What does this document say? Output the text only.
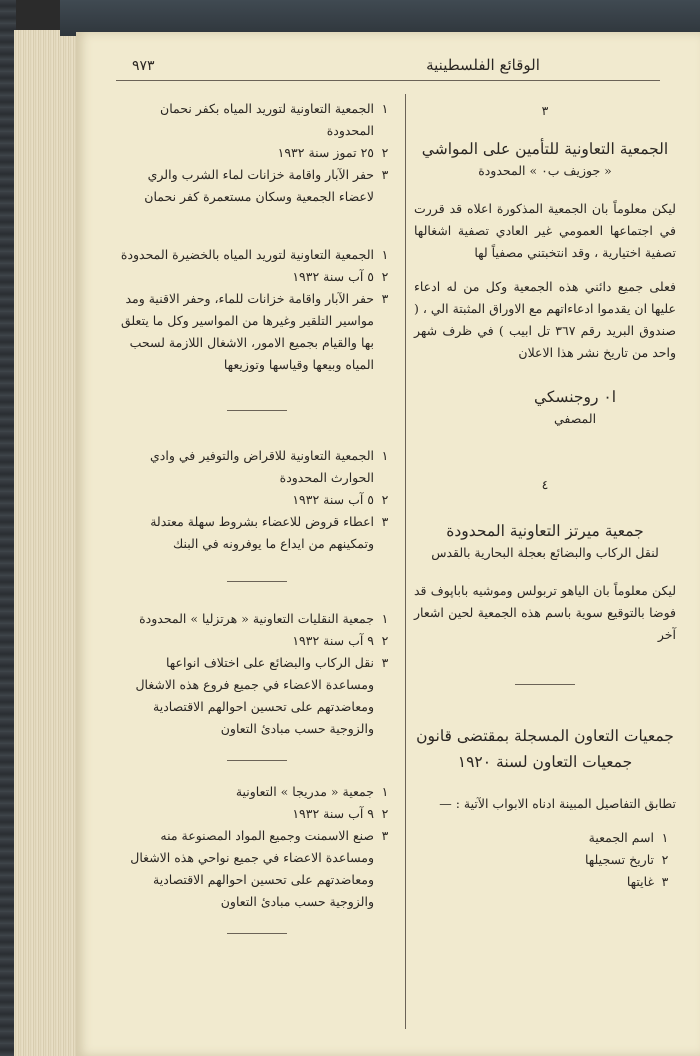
٩٧٣	الوقائع الفلسطينية
٣
الجمعية التعاونية للتأمين على المواشي
« جوزيف ب٠ » المحدودة
ليكن معلوماً بان الجمعية المذكورة اعلاه قد قررت في اجتماعها العمومي غير العادي تصفية اشغالها تصفية اختيارية ، وقد انتخبتني مصفياً لها
فعلى جميع دائني هذه الجمعية وكل من له ادعاء عليها ان يقدموا ادعاءاتهم مع الاوراق المثبتة الي ، ( صندوق البريد رقم ٣٦٧ تل ابيب ) في ظرف شهر واحد من تاريخ نشر هذا الاعلان
ا٠ روجنسكي
المصفي
٤
جمعية ميرتز التعاونية المحدودة
لنقل الركاب والبضائع بعجلة البحارية بالقدس
ليكن معلوماً بان الياهو تربولس وموشيه باباپوف قد فوضا بالتوقيع سوية باسم هذه الجمعية لحين اشعار آخر
جمعيات التعاون المسجلة بمقتضى قانون
جمعيات التعاون لسنة ١٩٢٠
تطابق التفاصيل المبينة ادناه الابواب الآتية : —
١
اسم الجمعية
٢
تاريخ تسجيلها
٣
غايتها
١
الجمعية التعاونية لتوريد المياه بكفر نحمان المحدودة
٢
٢٥ تموز سنة ١٩٣٢
٣
حفر الآبار واقامة خزانات لماء الشرب والري لاعضاء الجمعية وسكان مستعمرة كفر نحمان
١
الجمعية التعاونية لتوريد المياه بالخضيرة المحدودة
٢
٥ آب سنة ١٩٣٢
٣
حفر الآبار واقامة خزانات للماء، وحفر الاقنية ومد مواسير التلقير وغيرها من المواسير وكل ما يتعلق بها والقيام بجميع الامور، الاشغال اللازمة لسحب المياه وبيعها وقياسها وتوزيعها
١
الجمعية التعاونية للاقراض والتوفير في وادي الحوارث المحدودة
٢
٥ آب سنة ١٩٣٢
٣
اعطاء قروض للاعضاء بشروط سهلة معتدلة وتمكينهم من ايداع ما يوفرونه في البنك
١
جمعية النقليات التعاونية « هرتزليا » المحدودة
٢
٩ آب سنة ١٩٣٢
٣
نقل الركاب والبضائع على اختلاف انواعها ومساعدة الاعضاء في جميع فروع هذه الاشغال ومعاضدتهم على تحسين احوالهم الاقتصادية والزوجية حسب مبادئ التعاون
١
جمعية « مدريجا » التعاونية
٢
٩ آب سنة ١٩٣٢
٣
صنع الاسمنت وجميع المواد المصنوعة منه ومساعدة الاعضاء في جميع نواحي هذه الاشغال ومعاضدتهم على تحسين احوالهم الاقتصادية والزوجية حسب مبادئ التعاون
